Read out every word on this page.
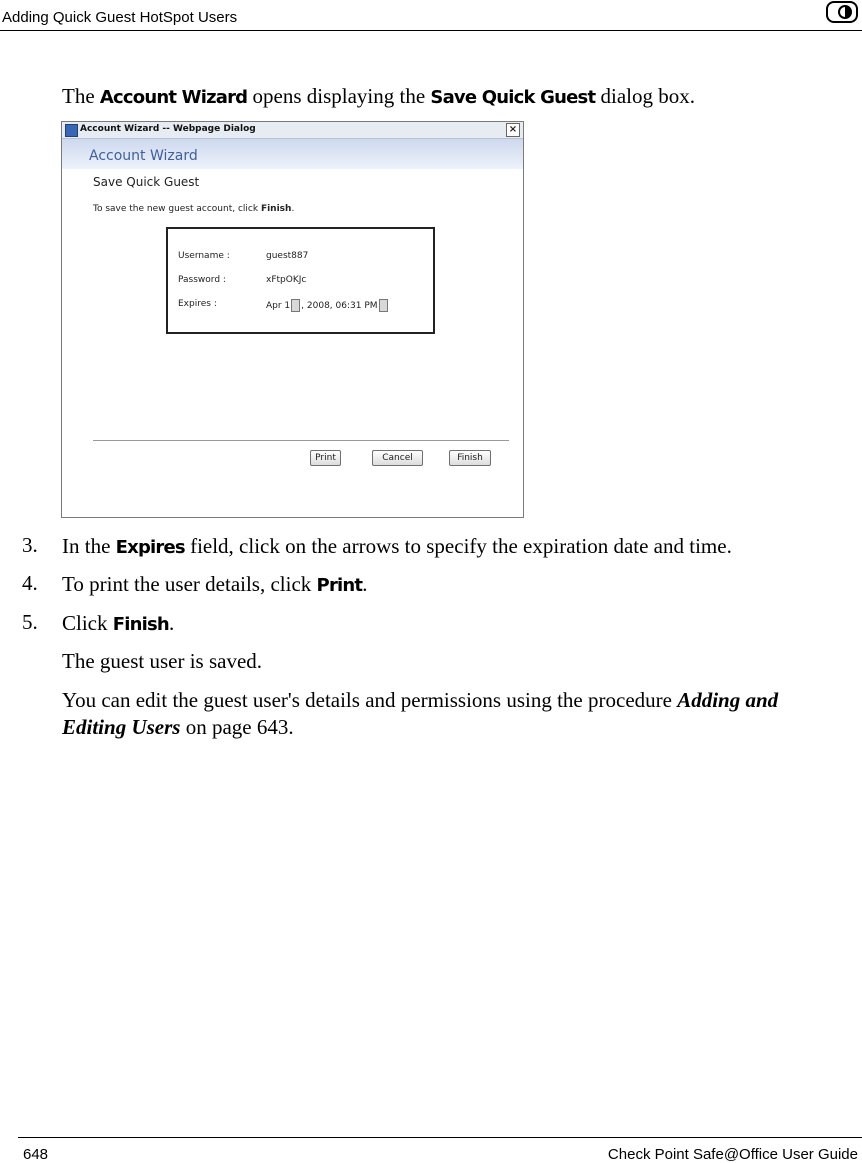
Adding Quick Guest HotSpot Users
The Account Wizard opens displaying the Save Quick Guest dialog box.
Account Wizard -- Webpage Dialog	×
Account Wizard
Save Quick Guest
To save the new guest account, click Finish.
Username :	guest887
Password :	xFtpOKJc
Expires :	Apr 1 , 2008, 06:31 PM
Print	Cancel	Finish
3. In the Expires field, click on the arrows to specify the expiration date and time.
4. To print the user details, click Print.
5. Click Finish.
The guest user is saved.
You can edit the guest user's details and permissions using the procedure Adding and
Editing Users on page 643.
648	Check Point Safe@Office User Guide
